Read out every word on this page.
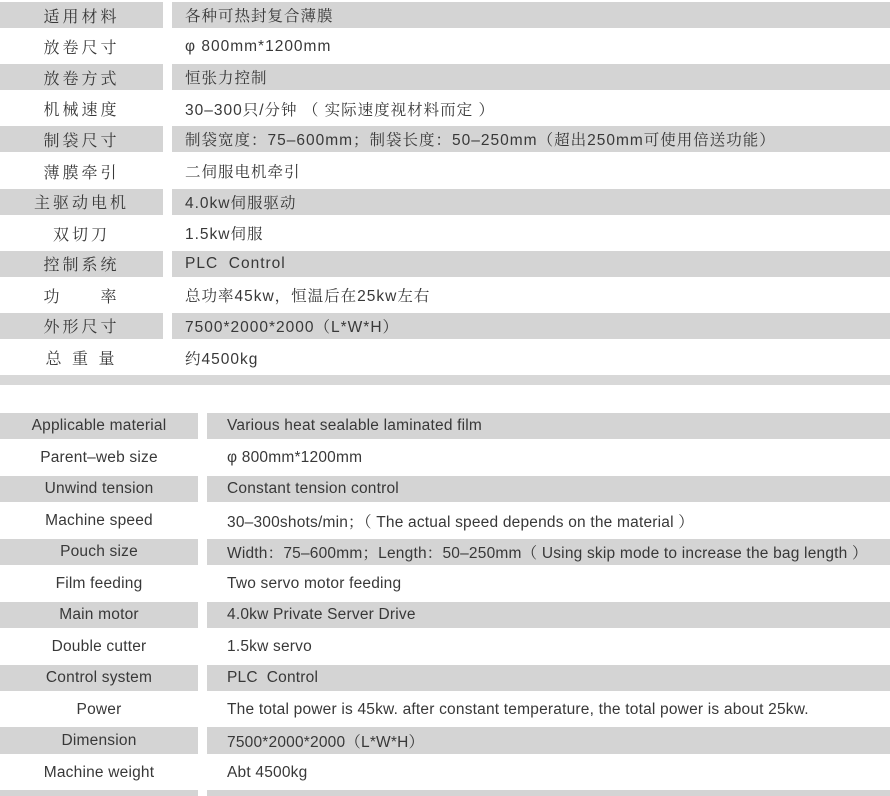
适用材料	各种可热封复合薄膜
放卷尺寸	φ 800mm*1200mm
放卷方式	恒张力控制
机械速度	30–300只/分钟 （ 实际速度视材料而定 ）
制袋尺寸	制袋宽度：75–600mm；制袋长度：50–250mm（超出250mm可使用倍送功能）
薄膜牵引	二伺服电机牵引
主驱动电机	4.0kw伺服驱动
双切刀	1.5kw伺服
控制系统	PLC  Control
功　　率	总功率45kw，恒温后在25kw左右
外形尺寸	7500*2000*2000（L*W*H）
总 重 量	约4500kg
Applicable material	Various heat sealable laminated film
Parent–web size	φ 800mm*1200mm
Unwind tension	Constant tension control
Machine speed	30–300shots/min；（ The actual speed depends on the material ）
Pouch size	Width：75–600mm；Length：50–250mm（ Using skip mode to increase the bag length ）
Film feeding	Two servo motor feeding
Main motor	4.0kw Private Server Drive
Double cutter	1.5kw servo
Control system	PLC  Control
Power	The total power is 45kw. after constant temperature, the total power is about 25kw.
Dimension	7500*2000*2000（L*W*H）
Machine weight	Abt 4500kg
